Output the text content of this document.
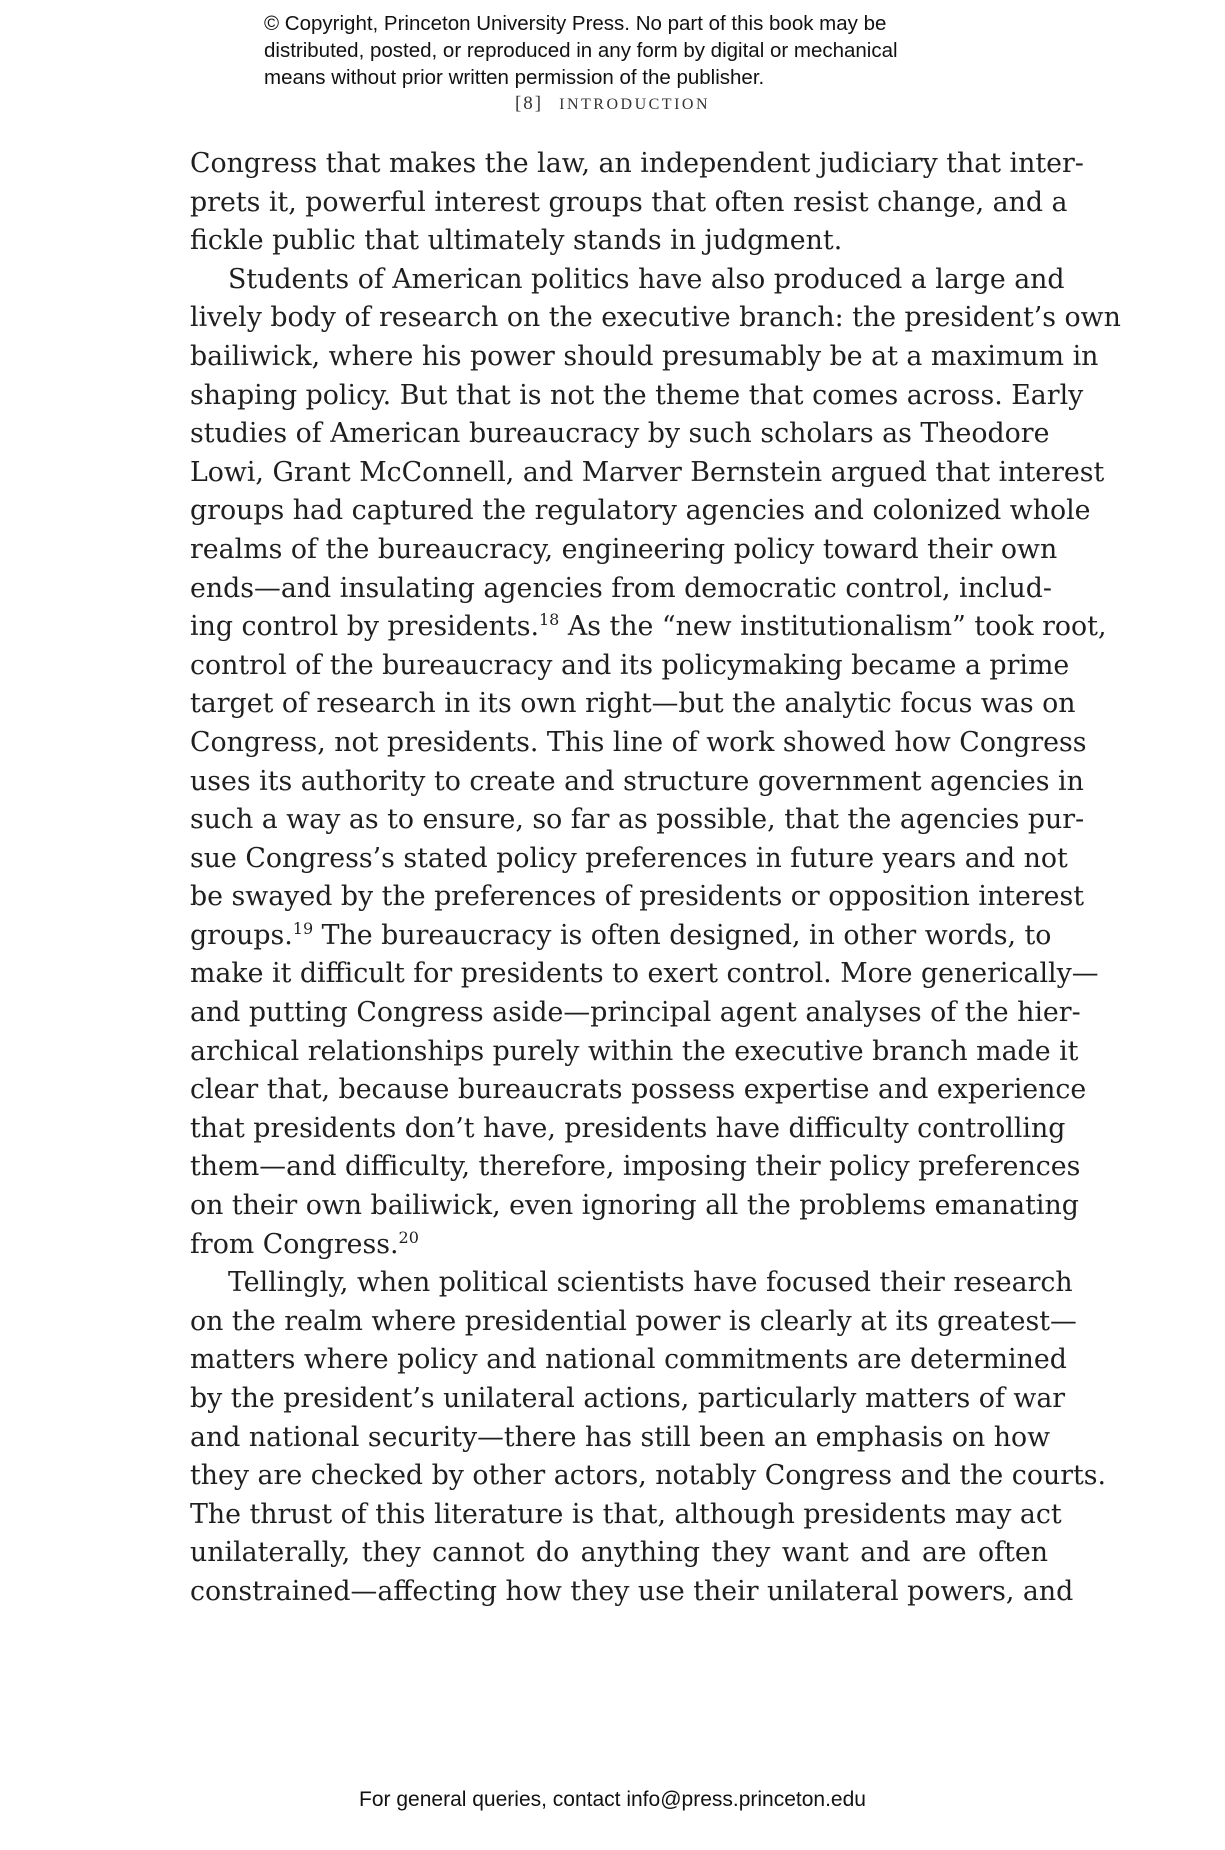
© Copyright, Princeton University Press. No part of this book may be
distributed, posted, or reproduced in any form by digital or mechanical
means without prior written permission of the publisher.
[8] INTRODUCTION
Congress that makes the law, an independent judiciary that inter-
prets it, powerful interest groups that often resist change, and a
fickle public that ultimately stands in judgment.
Students of American politics have also produced a large and
lively body of research on the executive branch: the president’s own
bailiwick, where his power should presumably be at a maximum in
shaping policy. But that is not the theme that comes across. Early
studies of American bureaucracy by such scholars as Theodore
Lowi, Grant McConnell, and Marver Bernstein argued that interest
groups had captured the regulatory agencies and colonized whole
realms of the bureaucracy, engineering policy toward their own
ends—and insulating agencies from democratic control, includ-
ing control by presidents.$^{18}$ As the “new institutionalism” took root,
control of the bureaucracy and its policymaking became a prime
target of research in its own right—but the analytic focus was on
Congress, not presidents. This line of work showed how Congress
uses its authority to create and structure government agencies in
such a way as to ensure, so far as possible, that the agencies pur-
sue Congress’s stated policy preferences in future years and not
be swayed by the preferences of presidents or opposition interest
groups.$^{19}$ The bureaucracy is often designed, in other words, to
make it difficult for presidents to exert control. More generically—
and putting Congress aside—principal agent analyses of the hier-
archical relationships purely within the executive branch made it
clear that, because bureaucrats possess expertise and experience
that presidents don’t have, presidents have difficulty controlling
them—and difficulty, therefore, imposing their policy preferences
on their own bailiwick, even ignoring all the problems emanating
from Congress.$^{20}$
Tellingly, when political scientists have focused their research
on the realm where presidential power is clearly at its greatest—
matters where policy and national commitments are determined
by the president’s unilateral actions, particularly matters of war
and national security—there has still been an emphasis on how
they are checked by other actors, notably Congress and the courts.
The thrust of this literature is that, although presidents may act
unilaterally, they cannot do anything they want and are often
constrained—affecting how they use their unilateral powers, and
For general queries, contact info@press.princeton.edu
